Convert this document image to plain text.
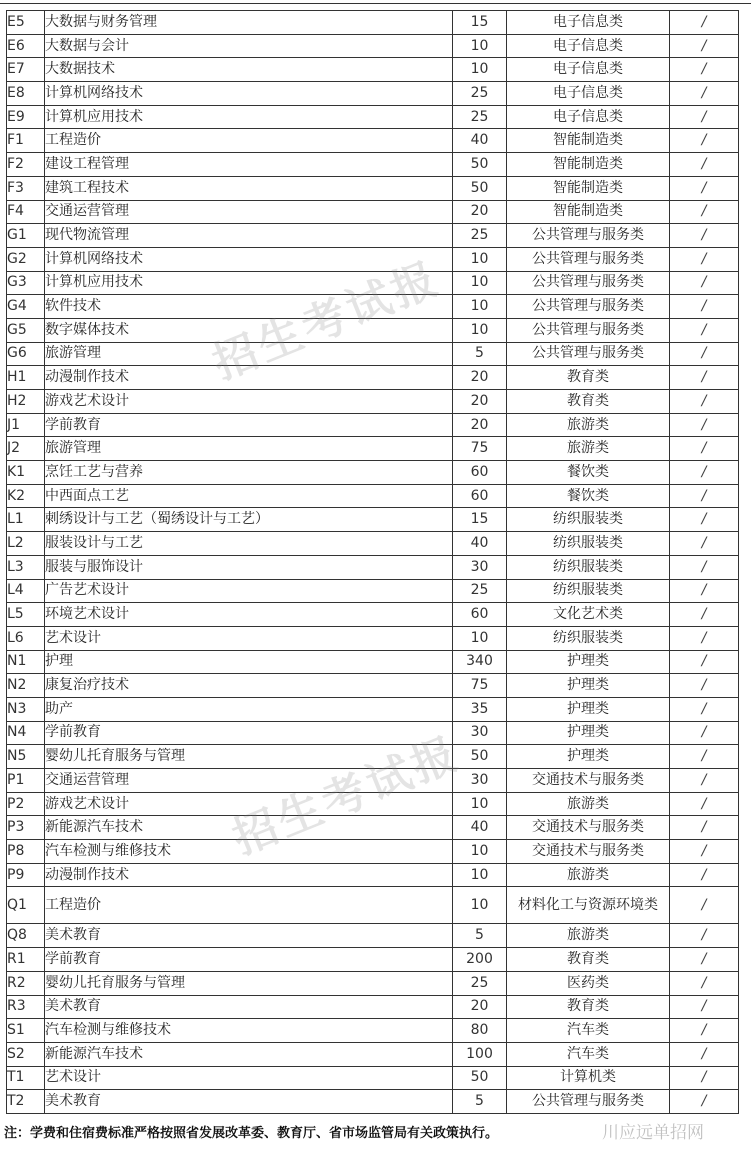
E5	大数据与财务管理	15	电子信息类	/
E6	大数据与会计	10	电子信息类	/
E7	大数据技术	10	电子信息类	/
E8	计算机网络技术	25	电子信息类	/
E9	计算机应用技术	25	电子信息类	/
F1	工程造价	40	智能制造类	/
F2	建设工程管理	50	智能制造类	/
F3	建筑工程技术	50	智能制造类	/
F4	交通运营管理	20	智能制造类	/
G1	现代物流管理	25	公共管理与服务类	/
G2	计算机网络技术	10	公共管理与服务类	/
G3	计算机应用技术	10	公共管理与服务类	/
G4	软件技术	10	公共管理与服务类	/
G5	数字媒体技术	10	公共管理与服务类	/
G6	旅游管理	5	公共管理与服务类	/
H1	动漫制作技术	20	教育类	/
H2	游戏艺术设计	20	教育类	/
J1	学前教育	20	旅游类	/
J2	旅游管理	75	旅游类	/
K1	烹饪工艺与营养	60	餐饮类	/
K2	中西面点工艺	60	餐饮类	/
L1	刺绣设计与工艺（蜀绣设计与工艺）	15	纺织服装类	/
L2	服装设计与工艺	40	纺织服装类	/
L3	服装与服饰设计	30	纺织服装类	/
L4	广告艺术设计	25	纺织服装类	/
L5	环境艺术设计	60	文化艺术类	/
L6	艺术设计	10	纺织服装类	/
N1	护理	340	护理类	/
N2	康复治疗技术	75	护理类	/
N3	助产	35	护理类	/
N4	学前教育	30	护理类	/
N5	婴幼儿托育服务与管理	50	护理类	/
P1	交通运营管理	30	交通技术与服务类	/
P2	游戏艺术设计	10	旅游类	/
P3	新能源汽车技术	40	交通技术与服务类	/
P8	汽车检测与维修技术	10	交通技术与服务类	/
P9	动漫制作技术	10	旅游类	/
Q1	工程造价	10	材料化工与资源环境类	/
Q8	美术教育	5	旅游类	/
R1	学前教育	200	教育类	/
R2	婴幼儿托育服务与管理	25	医药类	/
R3	美术教育	20	教育类	/
S1	汽车检测与维修技术	80	汽车类	/
S2	新能源汽车技术	100	汽车类	/
T1	艺术设计	50	计算机类	/
T2	美术教育	5	公共管理与服务类	/
招生考试报
招生考试报
注：学费和住宿费标准严格按照省发展改革委、教育厅、省市场监管局有关政策执行。	川应远单招网
